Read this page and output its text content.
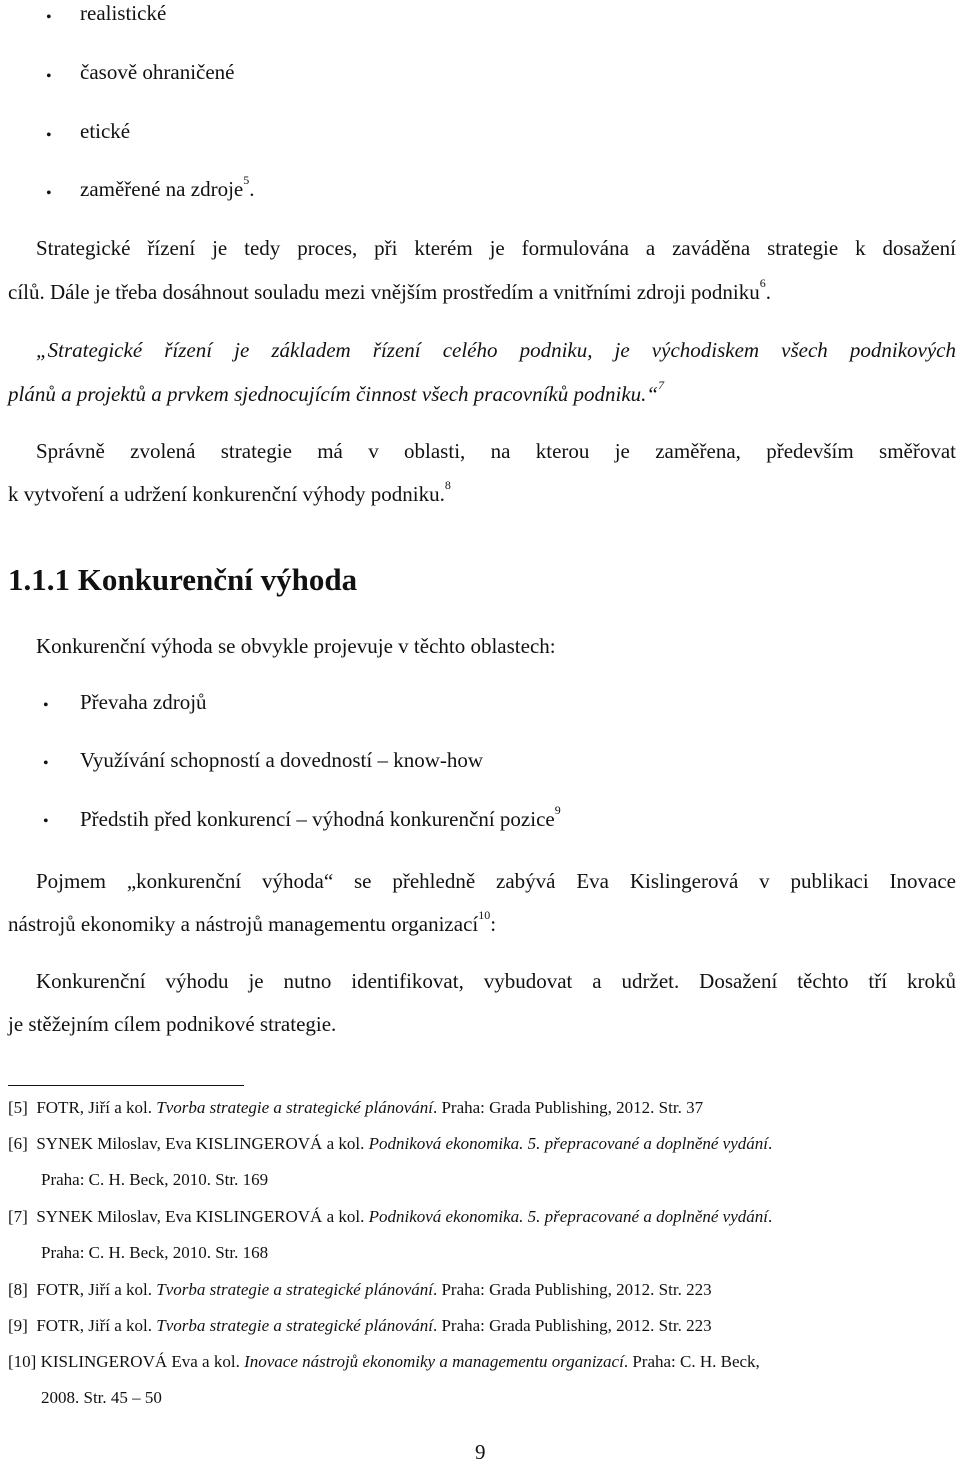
• realistické
• časově ohraničené
• etické
• zaměřené na zdroje$^5$.
Strategické řízení je tedy proces, při kterém je formulována a zaváděna strategie k dosažení
cílů. Dále je třeba dosáhnout souladu mezi vnějším prostředím a vnitřními zdroji podniku$^6$.
„Strategické řízení je základem řízení celého podniku, je východiskem všech podnikových
plánů a projektů a prvkem sjednocujícím činnost všech pracovníků podniku.“$^7$
Správně zvolená strategie má v oblasti, na kterou je zaměřena, především směřovat
k vytvoření a udržení konkurenční výhody podniku.$^8$
1.1.1 Konkurenční výhoda
Konkurenční výhoda se obvykle projevuje v těchto oblastech:
• Převaha zdrojů
• Využívání schopností a dovedností – know-how
• Předstih před konkurencí – výhodná konkurenční pozice$^9$
Pojmem „konkurenční výhoda“ se přehledně zabývá Eva Kislingerová v publikaci Inovace
nástrojů ekonomiky a nástrojů managementu organizací$^{10}$:
Konkurenční výhodu je nutno identifikovat, vybudovat a udržet. Dosažení těchto tří kroků
je stěžejním cílem podnikové strategie.
[5] FOTR, Jiří a kol. Tvorba strategie a strategické plánování. Praha: Grada Publishing, 2012. Str. 37
[6] SYNEK Miloslav, Eva KISLINGEROVÁ a kol. Podniková ekonomika. 5. přepracované a doplněné vydání.
Praha: C. H. Beck, 2010. Str. 169
[7] SYNEK Miloslav, Eva KISLINGEROVÁ a kol. Podniková ekonomika. 5. přepracované a doplněné vydání.
Praha: C. H. Beck, 2010. Str. 168
[8] FOTR, Jiří a kol. Tvorba strategie a strategické plánování. Praha: Grada Publishing, 2012. Str. 223
[9] FOTR, Jiří a kol. Tvorba strategie a strategické plánování. Praha: Grada Publishing, 2012. Str. 223
[10] KISLINGEROVÁ Eva a kol. Inovace nástrojů ekonomiky a managementu organizací. Praha: C. H. Beck,
2008. Str. 45 – 50
9
